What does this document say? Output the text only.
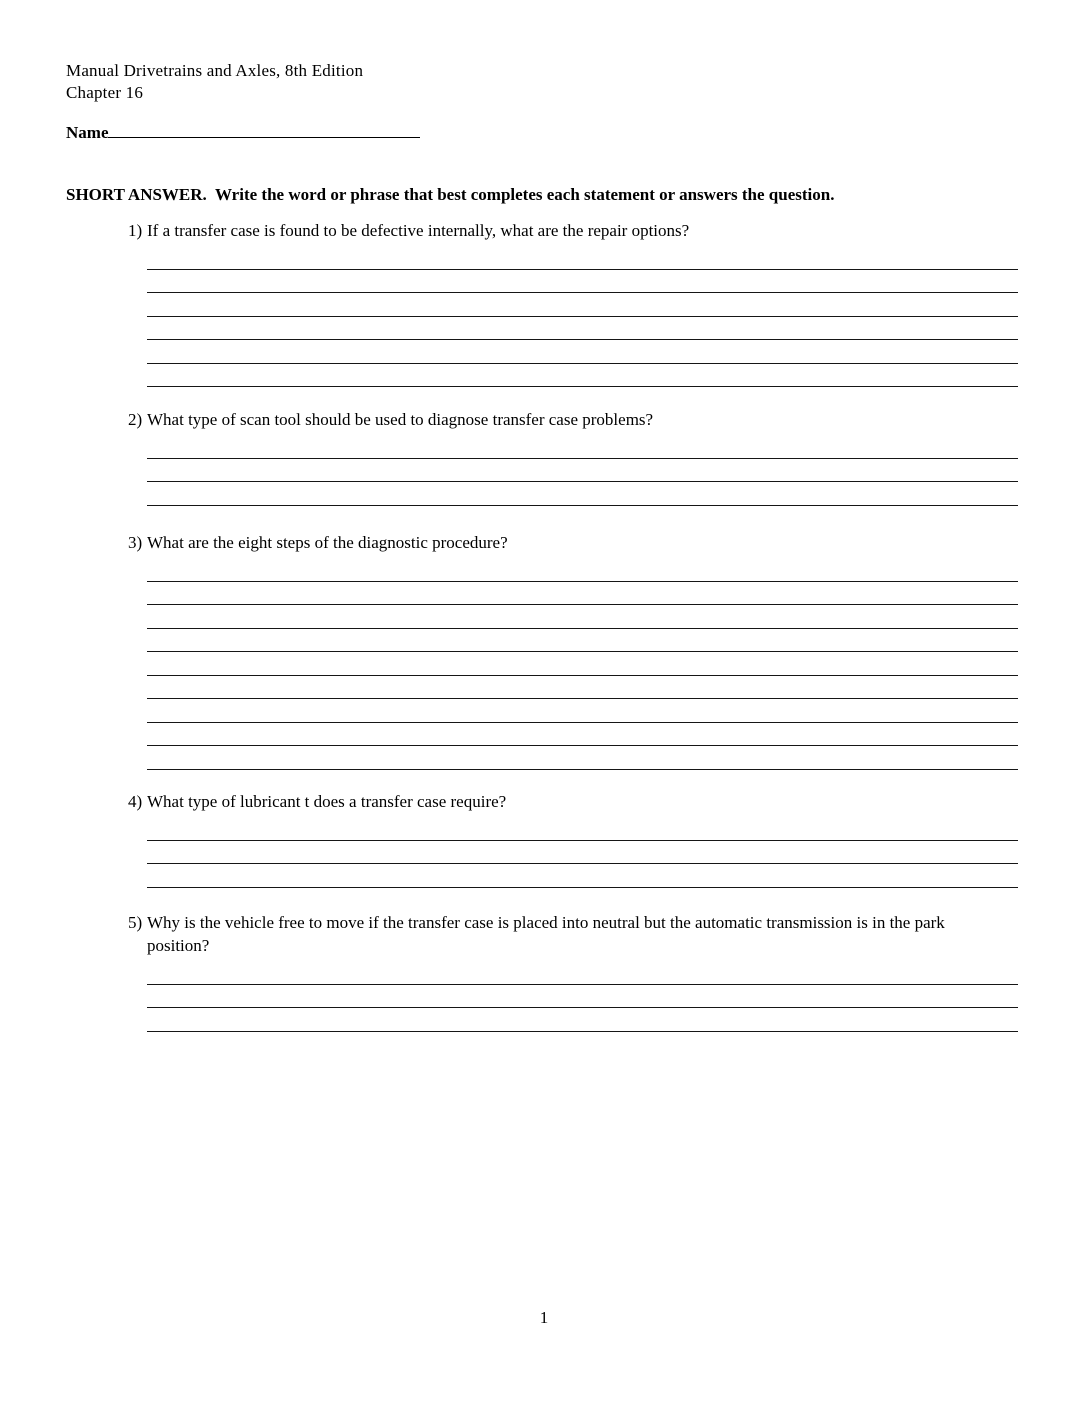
Manual Drivetrains and Axles, 8th Edition
Chapter 16
Name
SHORT ANSWER.  Write the word or phrase that best completes each statement or answers the question.
1) If a transfer case is found to be defective internally, what are the repair options?
2) What type of scan tool should be used to diagnose transfer case problems?
3) What are the eight steps of the diagnostic procedure?
4) What type of lubricant t does a transfer case require?
5) Why is the vehicle free to move if the transfer case is placed into neutral but the automatic transmission is in the park position?
1
